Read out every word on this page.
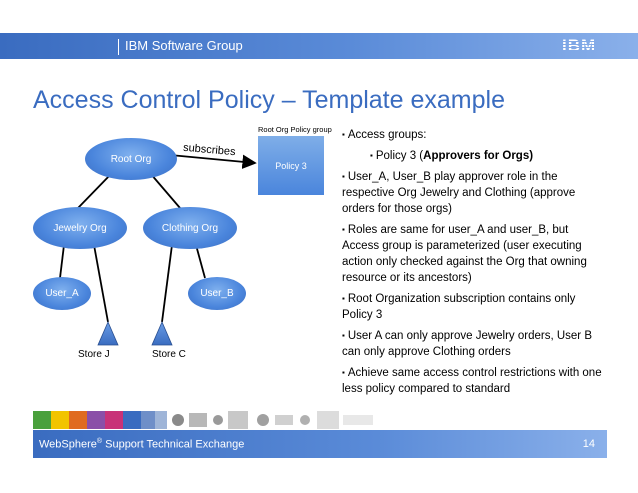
IBM Software Group	IBM
Access Control Policy – Template example
Root Org
Jewelry Org	Clothing Org
User_A	User_B
Root Org Policy group
Policy 3
subscribes
Store J	Store C

▪ Access groups:

▪ Policy 3 (Approvers for Orgs)

▪ User_A, User_B play approver role in the respective Org Jewelry and Clothing (approve orders for those orgs)

▪ Roles are same for user_A and user_B, but Access group is parameterized (user executing action only checked against the Org that owning resource or its ancestors)

▪ Root Organization subscription contains only Policy 3

▪ User A can only approve Jewelry orders, User B can only approve Clothing orders

▪ Achieve same access control restrictions with one less policy compared to standard

WebSphere® Support Technical Exchange	14
